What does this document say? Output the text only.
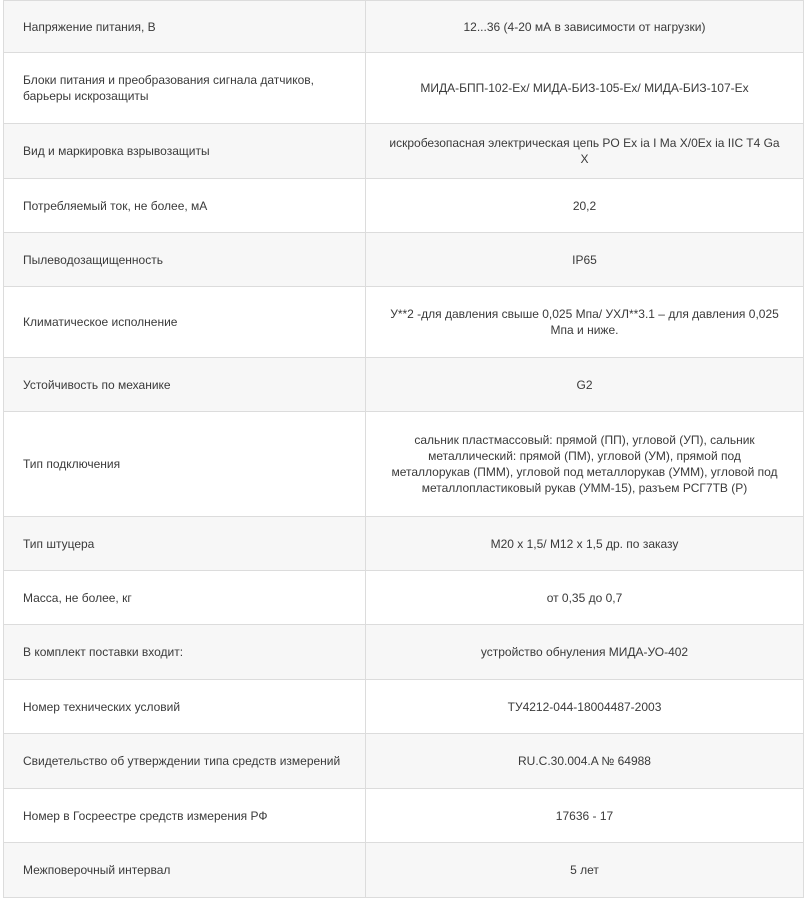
Напряжение питания, В	12...36 (4-20 мА в зависимости от нагрузки)
Блоки питания и преобразования сигнала датчиков, барьеры искрозащиты	МИДА-БПП-102-Ех/ МИДА-БИЗ-105-Ех/ МИДА-БИЗ-107-Ех
Вид и маркировка взрывозащиты	искробезопасная электрическая цепь PO Ex ia I Ma X/0Ex ia IIC T4 Ga X
Потребляемый ток, не более, мА	20,2
Пылеводозащищенность	IP65
Климатическое исполнение	У**2 -для давления свыше 0,025 Мпа/ УХЛ**3.1 – для давления 0,025 Мпа и ниже.
Устойчивость по механике	G2
Тип подключения	сальник пластмассовый: прямой (ПП), угловой (УП), сальник металлический: прямой (ПМ), угловой (УМ), прямой под металлорукав (ПММ), угловой под металлорукав (УММ), угловой под металлопластиковый рукав (УММ-15), разъем РСГ7ТВ (Р)
Тип штуцера	М20 х 1,5/ М12 х 1,5 др. по заказу
Масса, не более, кг	от 0,35 до 0,7
В комплект поставки входит:	устройство обнуления МИДА-УО-402
Номер технических условий	ТУ4212-044-18004487-2003
Свидетельство об утверждении типа средств измерений	RU.C.30.004.A № 64988
Номер в Госреестре средств измерения РФ	17636 - 17
Межповерочный интервал	5 лет
